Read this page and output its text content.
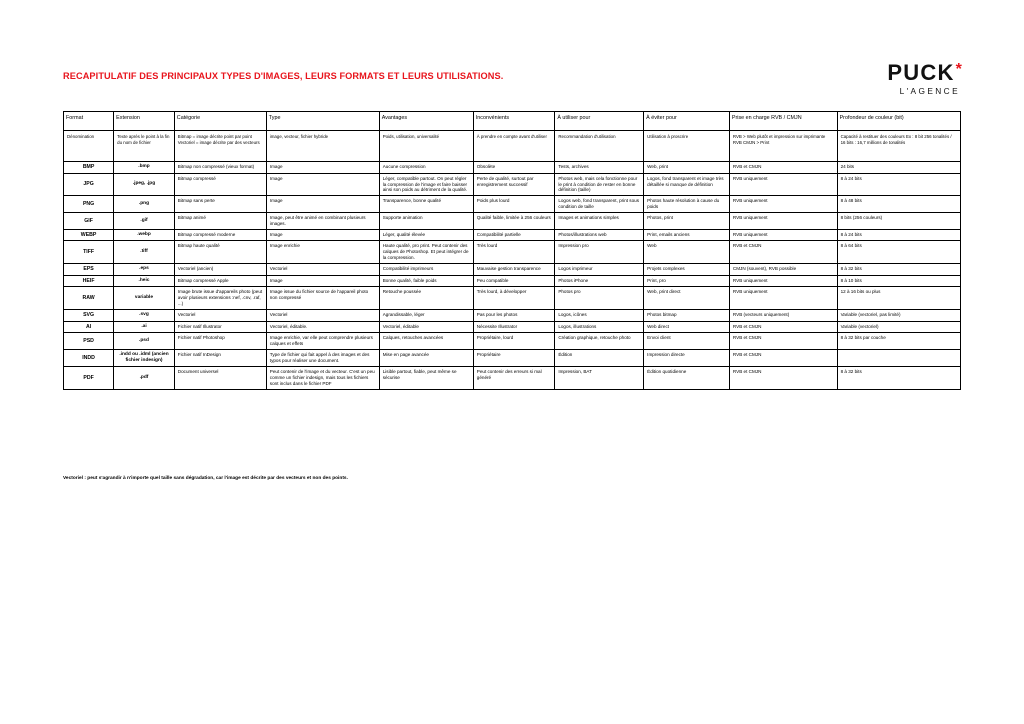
RECAPITULATIF DES PRINCIPAUX TYPES D'IMAGES, LEURS FORMATS ET LEURS UTILISATIONS.	PUCK*
L'AGENCE
Format	Extension	Catégorie	Type	Avantages	Inconvénients	À utiliser pour	À éviter pour	Prise en charge RVB / CMJN	Profondeur de couleur (bit)
Dénomination	Texte après le point à la fin du nom de fichier	Bitmap = image décrite point par point Vectoriel = image décrite par des vecteurs	image, vecteur, fichier hybride	Poids, utilisation, universalité	À prendre en compte avant d'utiliser	Recommandation d'utilisation	Utilisation à proscrire	RVB > Web plutôt et impression sur imprimante RVB CMJN > Print	Capacité à restituer des couleurs Ex : 8 bit 256 tonalités / 16 bits : 16,7 millions de tonalités
BMP	.bmp	Bitmap non compressé (vieux format)	Image	Aucune compression	Obsolète	Tests, archives	Web, print	RVB et CMJN	24 bits
JPG	.jpeg, .jpg	Bitmap compressé	Image	Léger, compatible partout. On peut régler la compression de l'image et faire baisser ainsi son poids au détriment de la qualité.	Perte de qualité, surtout par enregistrement successif	Photos web, mais cela fonctionne pour le print à condition de rester en bonne définition (taille)	Logos, fond transparent et image très détaillée si manque de définition	RVB uniquement	8 à 24 bits
PNG	.png	Bitmap sans perte	Image	Transparence, bonne qualité	Poids plus lourd	Logos web, fond transparent, print sous condition de taille	Photos haute résolution à cause du poids	RVB uniquement	8 à 48 bits
GIF	.gif	Bitmap animé	Image, peut être animé en combinant plusieurs images.	Supporte animation	Qualité faible, limitée à 256 couleurs	Images et animations simples	Photos, print	RVB uniquement	8 bits (256 couleurs)
WEBP	.webp	Bitmap compressé moderne	Image	Léger, qualité élevée	Compatibilité partielle	Photos/illustrations web	Print, emails anciens	RVB uniquement	8 à 24 bits
TIFF	.tiff	Bitmap haute qualité	Image enrichie	Haute qualité, pro print. Peut contenir des calques de Photoshop. Et peut intégrer de la compression.	Très lourd	Impression pro	Web	RVB et CMJN	8 à 64 bits
EPS	.eps	Vectoriel (ancien)	Vectoriel	Compatibilité imprimeurs	Mauvaise gestion transparence	Logos imprimeur	Projets complexes	CMJN (souvent), RVB possible	8 à 32 bits
HEIF	.heic	Bitmap compressé Apple	Image	Bonne qualité, faible poids	Peu compatible	Photos iPhone	Print, pro	RVB uniquement	8 à 10 bits
RAW	variable	Image brute issue d'appareils photo (peut avoir plusieurs extensions :nef, .cnv, .raf, ...)	Image issue du fichier source de l'appareil photo non compressé	Retouche poussée	Très lourd, à développer	Photos pro	Web, print direct	RVB uniquement	12 à 16 bits ou plus
SVG	.svg	Vectoriel	Vectoriel	Agrandissable, léger	Pas pour les photos	Logos, icônes	Photos bitmap	RVB (vecteurs uniquement)	Variable (vectoriel, pas limité)
AI	.ai	Fichier natif Illustrator	Vectoriel, éditable.	Vectoriel, éditable	Nécessite Illustrator	Logos, illustrations	Web direct	RVB et CMJN	Variable (vectoriel)
PSD	.psd	Fichier natif Photoshop	Image enrichie, var elle peut comprendre plusieurs calques et effets	Calques, retouches avancées	Propriétaire, lourd	Création graphique, retouche photo	Envoi client	RVB et CMJN	8 à 32 bits par couche
INDD	.indd ou .idml (ancien fichier indesign)	Fichier natif InDesign	Type de fichier qui fait appel à des images et des typos pour réaliser une document.	Mise en page avancée	Propriétaire	Édition	Impression directe	RVB et CMJN	
PDF	.pdf	Document universel	Peut contenir de l'image et du vecteur. C'est un peu comme un fichier indesign, mais tous les fichiers sont inclus dans le fichier PDF	Lisible partout, fiable, peut même se sécurise	Peut contenir des erreurs si mal généré	Impression, BAT	Édition quotidienne	RVB et CMJN	8 à 32 bits
Vectoriel : peut s'agrandir à n'importe quel taille sans dégradation, car l'image est décrite par des vecteurs et non des points.
